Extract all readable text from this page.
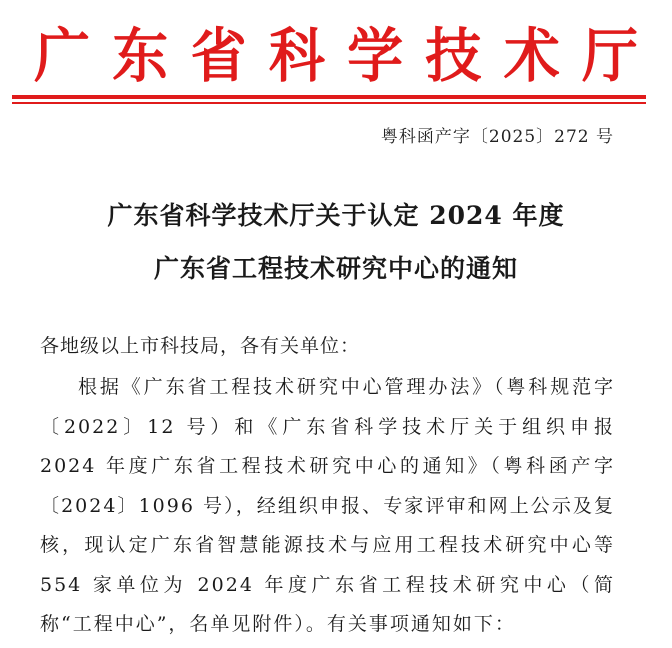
广 东 省 科 学 技 术 厅
粤科函产字〔2025〕272 号
广东省科学技术厅关于认定 2024 年度
广东省工程技术研究中心的通知
各地级以上市科技局，各有关单位：

根据《广东省工程技术研究中心管理办法》（粤科规范字〔2022〕12 号）和《广东省科学技术厅关于组织申报 2024 年度广东省工程技术研究中心的通知》（粤科函产字〔2024〕1096 号），经组织申报、专家评审和网上公示及复核，现认定广东省智慧能源技术与应用工程技术研究中心等 554 家单位为 2024 年度广东省工程技术研究中心（简称“工程中心”，名单见附件）。有关事项通知如下：
